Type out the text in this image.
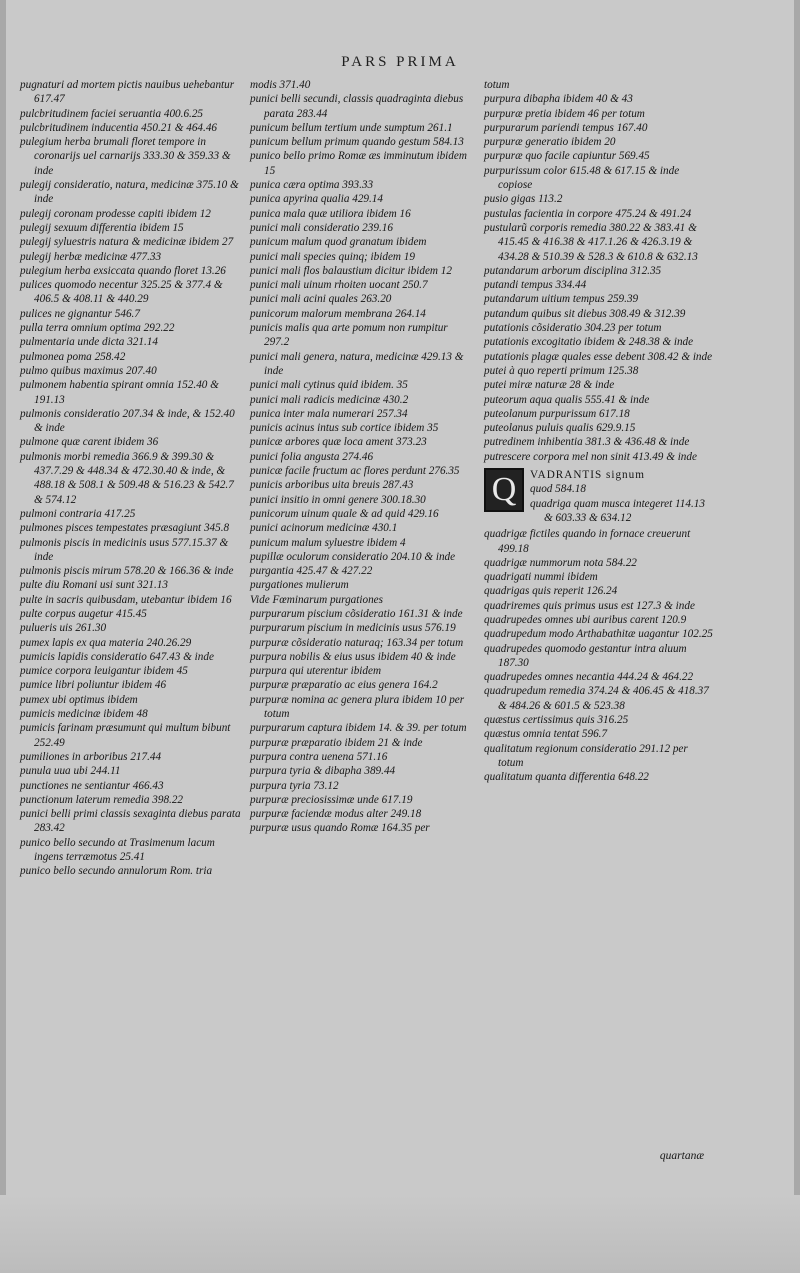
PARS PRIMA
pugnaturi ad mortem pictis nauibus uehebantur 617.47
pulcbritudinem faciei seruantia 400.6.25
pulcbritudinem inducentia 450.21 & 464.46
pulegium herba brumali floret tempore in coronarijs uel carnarijs 333.30 & 359.33 & inde
pulegij consideratio, natura, medicinæ 375.10 & inde
pulegij coronam prodesse capiti ibidem 12
pulegij sexuum differentia ibidem 15
pulegij syluestris natura & medicinæ ibidem 27
pulegij herbæ medicinæ 477.33
pulegium herba exsiccata quando floret 13.26
pulices quomodo necentur 325.25 & 377.4 & 406.5 & 408.11 & 440.29
pulices ne gignantur 546.7
pulla terra omnium optima 292.22
pulmentaria unde dicta 321.14
pulmonea poma 258.42
pulmo quibus maximus 207.40
pulmonem habentia spirant omnia 152.40 & 191.13
pulmonis consideratio 207.34 & inde, & 152.40 & inde
pulmone quæ carent ibidem 36
pulmonis morbi remedia 366.9 & 399.30 & 437.7.29 & 448.34 & 472.30.40 & inde, & 488.18 & 508.1 & 509.48 & 516.23 & 542.7 & 574.12
pulmoni contraria 417.25
pulmones pisces tempestates præsagiunt 345.8
pulmonis piscis in medicinis usus 577.15.37 & inde
pulmonis piscis mirum 578.20 & 166.36 & inde
pulte diu Romani usi sunt 321.13
pulte in sacris quibusdam, utebantur ibidem 16
pulte corpus augetur 415.45
pulueris uis 261.30
pumex lapis ex qua materia 240.26.29
pumicis lapidis consideratio 647.43 & inde
pumice corpora leuigantur ibidem 45
pumice libri poliuntur ibidem 46
pumex ubi optimus ibidem
pumicis medicinæ ibidem 48
pumicis farinam præsumunt qui multum bibunt 252.49
pumiliones in arboribus 217.44
punula uua ubi 244.11
punctiones ne sentiantur 466.43
punctionum laterum remedia 398.22
punici belli primi classis sexaginta diebus parata 283.42
punico bello secundo at Trasimenum lacum ingens terræmotus 25.41
punico bello secundo annulorum Rom. tria
modis 371.40
punici belli secundi, classis quadraginta diebus parata 283.44
punicum bellum tertium unde sumptum 261.1
punicum bellum primum quando gestum 584.13
punico bello primo Romæ æs imminutum ibidem 15
punica cæra optima 393.33
punica apyrina qualia 429.14
punica mala quæ utiliora ibidem 16
punici mali consideratio 239.16
punicum malum quod granatum ibidem
punici mali species quinq; ibidem 19
punici mali flos balaustium dicitur ibidem 12
punici mali uinum rhoiten uocant 250.7
punici mali acini quales 263.20
punicorum malorum membrana 264.14
punicis malis qua arte pomum non rumpitur 297.2
punici mali genera, natura, medicinæ 429.13 & inde
punici mali cytinus quid ibidem. 35
punici mali radicis medicinæ 430.2
punica inter mala numerari 257.34
punicis acinus intus sub cortice ibidem 35
punicæ arbores quæ loca ament 373.23
punici folia angusta 274.46
punicæ facile fructum ac flores perdunt 276.35
punicis arboribus uita breuis 287.43
punici insitio in omni genere 300.18.30
punicorum uinum quale & ad quid 429.16
punici acinorum medicinæ 430.1
punicum malum syluestre ibidem 4
pupillæ oculorum consideratio 204.10 & inde
purgantia 425.47 & 427.22
purgationes mulierum
Vide Fœminarum purgationes
purpurarum piscium cõsideratio 161.31 & inde
purpurarum piscium in medicinis usus 576.19
purpuræ cõsideratio naturaq; 163.34 per totum
purpura nobilis & eius usus ibidem 40 & inde
purpura qui uterentur ibidem
purpuræ præparatio ac eius genera 164.2
purpuræ nomina ac genera plura ibidem 10 per totum
purpurarum captura ibidem 14. & 39. per totum
purpuræ præparatio ibidem 21 & inde
purpura contra uenena 571.16
purpura tyria & dibapha 389.44
purpura tyria 73.12
purpuræ preciosissimæ unde 617.19
purpuræ faciendæ modus alter 249.18
purpuræ usus quando Romæ 164.35 per
totum
purpura dibapha ibidem 40 & 43
purpuræ pretia ibidem 46 per totum
purpurarum pariendi tempus 167.40
purpuræ generatio ibidem 20
purpuræ quo facile capiuntur 569.45
purpurissum color 615.48 & 617.15 & inde copiose
pusio gigas 113.2
pustulas facientia in corpore 475.24 & 491.24
pustularũ corporis remedia 380.22 & 383.41 & 415.45 & 416.38 & 417.1.26 & 426.3.19 & 434.28 & 510.39 & 528.3 & 610.8 & 632.13
putandarum arborum disciplina 312.35
putandi tempus 334.44
putandarum uitium tempus 259.39
putandum quibus sit diebus 308.49 & 312.39
putationis cõsideratio 304.23 per totum
putationis excogitatio ibidem & 248.38 & inde
putationis plagæ quales esse debent 308.42 & inde
putei à quo reperti primum 125.38
putei miræ naturæ 28 & inde
puteorum aqua qualis 555.41 & inde
puteolanum purpurissum 617.18
puteolanus puluis qualis 629.9.15
putredinem inhibentia 381.3 & 436.48 & inde
putrescere corpora mel non sinit 413.49 & inde
Q	VADRANTIS signum
quod 584.18
quadriga quam musca integeret 114.13 & 603.33 & 634.12
quadrigæ fictiles quando in fornace creuerunt 499.18
quadrigæ nummorum nota 584.22
quadrigati nummi ibidem
quadrigas quis reperit 126.24
quadriremes quis primus usus est 127.3 & inde
quadrupedes omnes ubi auribus carent 120.9
quadrupedum modo Arthabathitæ uagantur 102.25
quadrupedes quomodo gestantur intra aluum 187.30
quadrupedes omnes necantia 444.24 & 464.22
quadrupedum remedia 374.24 & 406.45 & 418.37 & 484.26 & 601.5 & 523.38
quæstus certissimus quis 316.25
quæstus omnia tentat 596.7
qualitatum regionum consideratio 291.12 per totum
qualitatum quanta differentia 648.22
quartanæ
